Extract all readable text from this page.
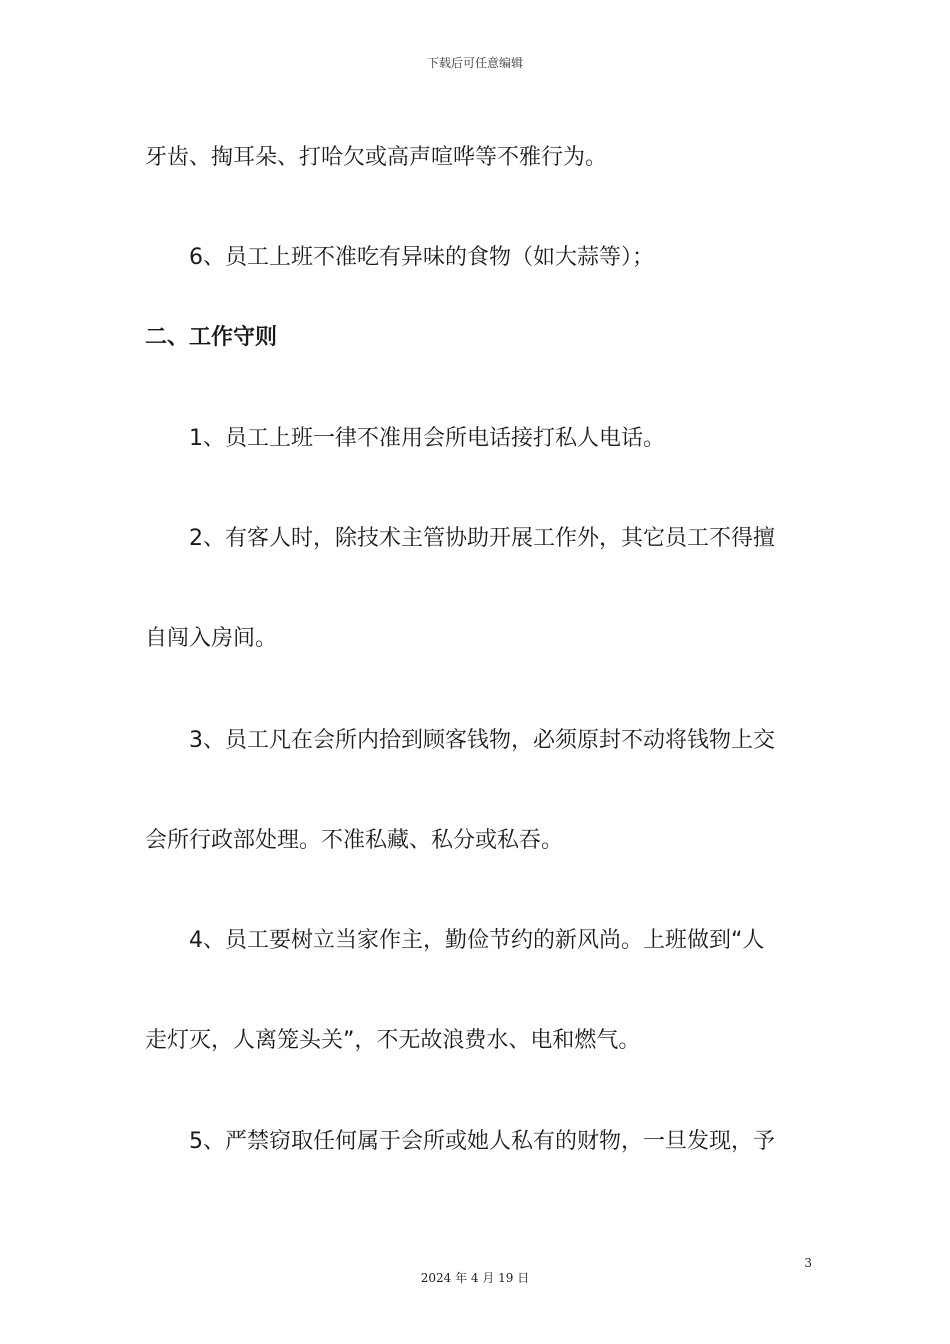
下载后可任意编辑
牙齿、掏耳朵、打哈欠或高声喧哗等不雅行为。
6、员工上班不准吃有异味的食物（如大蒜等）；
二、工作守则
1、员工上班一律不准用会所电话接打私人电话。
2、有客人时，除技术主管协助开展工作外，其它员工不得擅
自闯入房间。
3、员工凡在会所内拾到顾客钱物，必须原封不动将钱物上交
会所行政部处理。不准私藏、私分或私吞。
4、员工要树立当家作主，勤俭节约的新风尚。上班做到“人
走灯灭，人离笼头关”，不无故浪费水、电和燃气。
5、严禁窃取任何属于会所或她人私有的财物，一旦发现，予
3
2024 年 4 月 19 日
